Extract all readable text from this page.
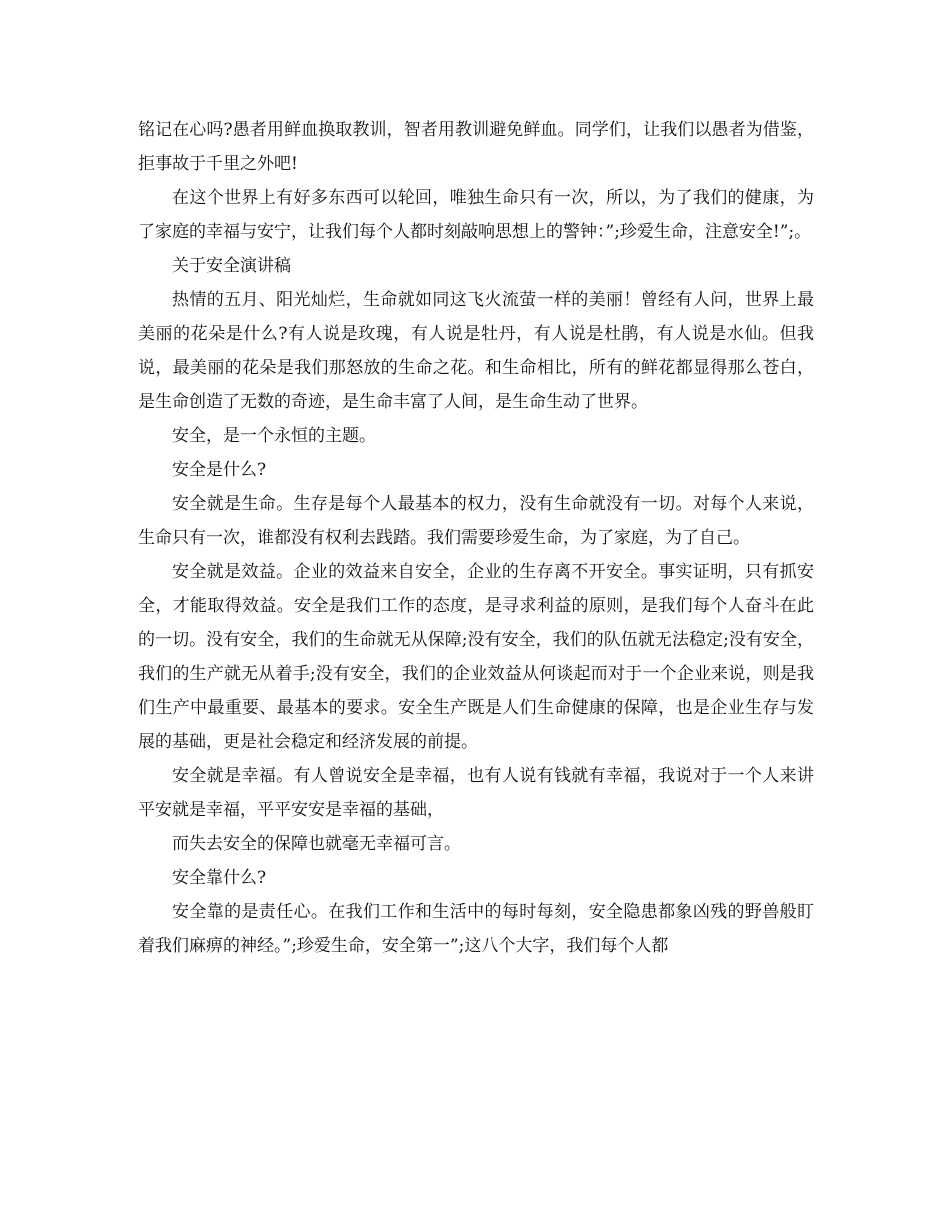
铭记在心吗?愚者用鲜血换取教训，智者用教训避免鲜血。同学们，让我们以愚者为借鉴，拒事故于千里之外吧!

在这个世界上有好多东西可以轮回，唯独生命只有一次，所以，为了我们的健康，为了家庭的幸福与安宁，让我们每个人都时刻敲响思想上的警钟：”;珍爱生命，注意安全!”;。

关于安全演讲稿

热情的五月、阳光灿烂，生命就如同这飞火流萤一样的美丽！曾经有人问，世界上最美丽的花朵是什么?有人说是玫瑰，有人说是牡丹，有人说是杜鹃，有人说是水仙。但我说，最美丽的花朵是我们那怒放的生命之花。和生命相比，所有的鲜花都显得那么苍白，是生命创造了无数的奇迹，是生命丰富了人间，是生命生动了世界。

安全，是一个永恒的主题。

安全是什么?

安全就是生命。生存是每个人最基本的权力，没有生命就没有一切。对每个人来说，生命只有一次，谁都没有权利去践踏。我们需要珍爱生命，为了家庭，为了自己。

安全就是效益。企业的效益来自安全，企业的生存离不开安全。事实证明，只有抓安全，才能取得效益。安全是我们工作的态度，是寻求利益的原则，是我们每个人奋斗在此的一切。没有安全，我们的生命就无从保障;没有安全，我们的队伍就无法稳定;没有安全，我们的生产就无从着手;没有安全，我们的企业效益从何谈起而对于一个企业来说，则是我们生产中最重要、最基本的要求。安全生产既是人们生命健康的保障，也是企业生存与发展的基础，更是社会稳定和经济发展的前提。

安全就是幸福。有人曾说安全是幸福，也有人说有钱就有幸福，我说对于一个人来讲平安就是幸福，平平安安是幸福的基础，

而失去安全的保障也就毫无幸福可言。

安全靠什么?

安全靠的是责任心。在我们工作和生活中的每时每刻，安全隐患都象凶残的野兽般盯着我们麻痹的神经。”;珍爱生命，安全第一”;这八个大字，我们每个人都
